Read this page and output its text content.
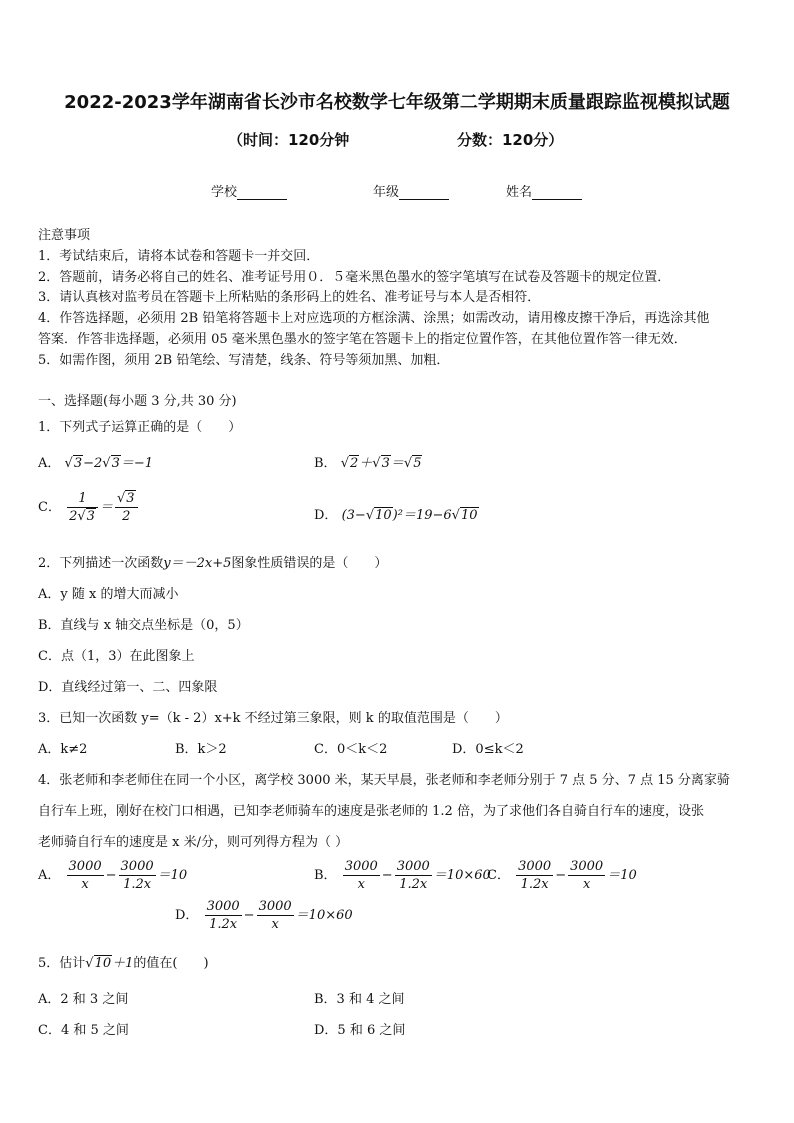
2022-2023学年湖南省长沙市名校数学七年级第二学期期末质量跟踪监视模拟试题
（时间：120分钟	分数：120分）
学校	年级	姓名
注意事项
1．考试结束后，请将本试卷和答题卡一并交回．
2．答题前，请务必将自己的姓名、准考证号用０．５毫米黑色墨水的签字笔填写在试卷及答题卡的规定位置．
3．请认真核对监考员在答题卡上所粘贴的条形码上的姓名、准考证号与本人是否相符．
4．作答选择题，必须用 2B 铅笔将答题卡上对应选项的方框涂满、涂黑；如需改动，请用橡皮擦干净后，再选涂其他
答案．作答非选择题，必须用 05 毫米黑色墨水的签字笔在答题卡上的指定位置作答，在其他位置作答一律无效．
5．如需作图，须用 2B 铅笔绘、写清楚，线条、符号等须加黑、加粗．
一、选择题(每小题 3 分,共 30 分)
1．下列式子运算正确的是（　　）
A． √3−2√3＝−1	B． √2＋√3＝√5
C． $\frac{1}{2√3} = \frac{√3}{2}$	D． (3−√10)²＝19−6√10
2．下列描述一次函数y＝－2x+5图象性质错误的是（　　）
A．y 随 x 的增大而减小
B．直线与 x 轴交点坐标是（0，5）
C．点（1，3）在此图象上
D．直线经过第一、二、四象限
3．已知一次函数 y=（k - 2）x+k 不经过第三象限，则 k 的取值范围是（　　）
A．k≠2	B．k＞2	C．0＜k＜2	D．0≤k＜2
4．张老师和李老师住在同一个小区，离学校 3000 米，某天早晨，张老师和李老师分别于 7 点 5 分、7 点 15 分离家骑
自行车上班，刚好在校门口相遇，已知李老师骑车的速度是张老师的 1.2 倍，为了求他们各自骑自行车的速度，设张
老师骑自行车的速度是 x 米/分，则可列得方程为（ ）
A． $\frac{3000}{x} - \frac{3000}{1.2x} =10$	B． $\frac{3000}{x} - \frac{3000}{1.2x} =10\times 60$
C． $\frac{3000}{1.2x} - \frac{3000}{x} =10$
D． $\frac{3000}{1.2x} - \frac{3000}{x} =10\times 60$
5．估计√10＋1的值在(　　)
A．2 和 3 之间	B．3 和 4 之间
C．4 和 5 之间	D．5 和 6 之间
